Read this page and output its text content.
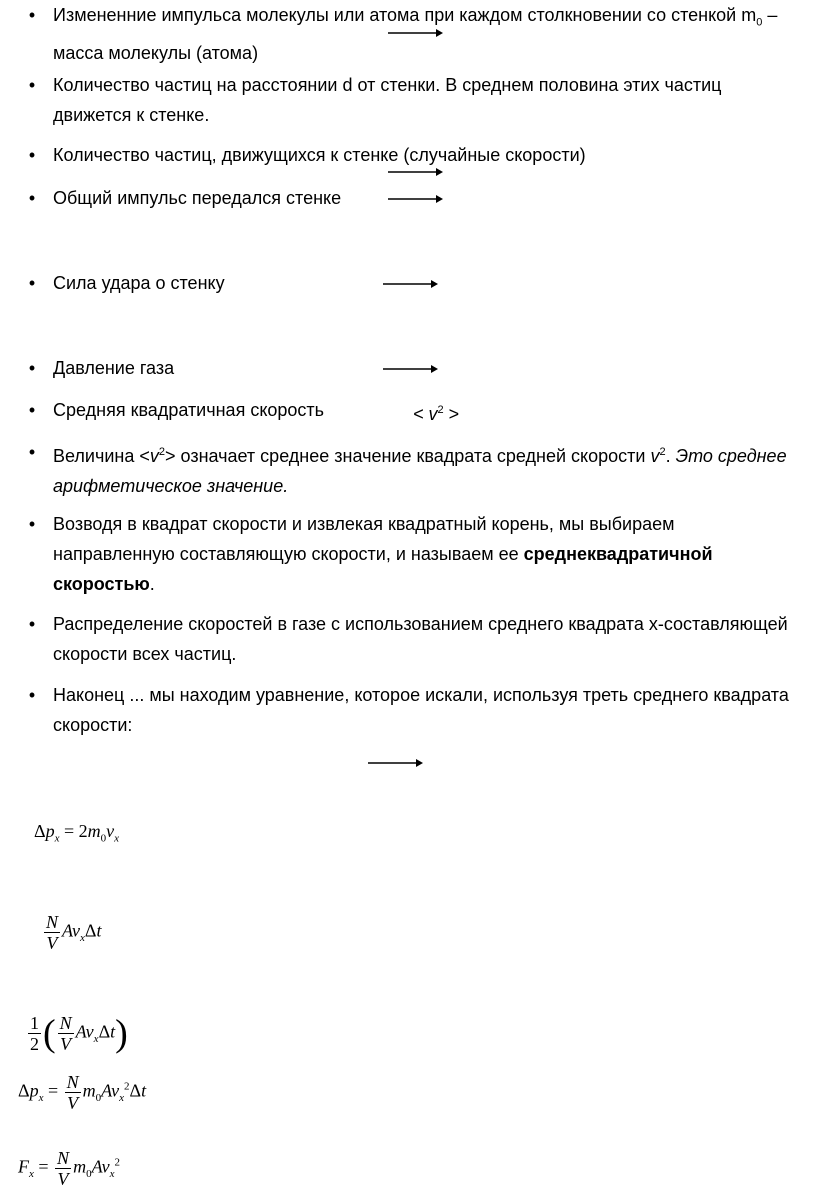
• Измененние импульса молекулы или атома при каждом столкновении со стенкой $m_0$ –
масса молекулы (атома)
• Количество частиц на расстоянии d от стенки. В среднем половина этих частиц
движется к стенке.
• Количество частиц, движущихся к стенке (случайные скорости)
• Общий импульс передался стенке
• Сила удара о стенку
• Давление газа
• Средняя квадратичная скорость	< $v^2$ >
• Величина $<v^2>$ означает среднее значение квадрата средней скорости $v^2$. Это среднее
арифметическое значение.
• Возводя в квадрат скорости и извлекая квадратный корень, мы выбираем
направленную составляющую скорости, и называем ее среднеквадратичной
скоростью.
• Распределение скоростей в газе с использованием среднего квадрата x-составляющей
скорости всех частиц.
• Наконец ... мы находим уравнение, которое искали, используя треть среднего квадрата
скорости:
$\Delta p_x = 2m_0v_x$
$\frac{N}{V} Av_x\Delta t$
$\frac{1}{2}$ ( $\frac{N}{V} Av_x\Delta t$)
$\Delta p_x = \frac{N}{V} m_0Av_x^2\Delta t$
$F_x = \frac{N}{V} m_0Av_x^2$
